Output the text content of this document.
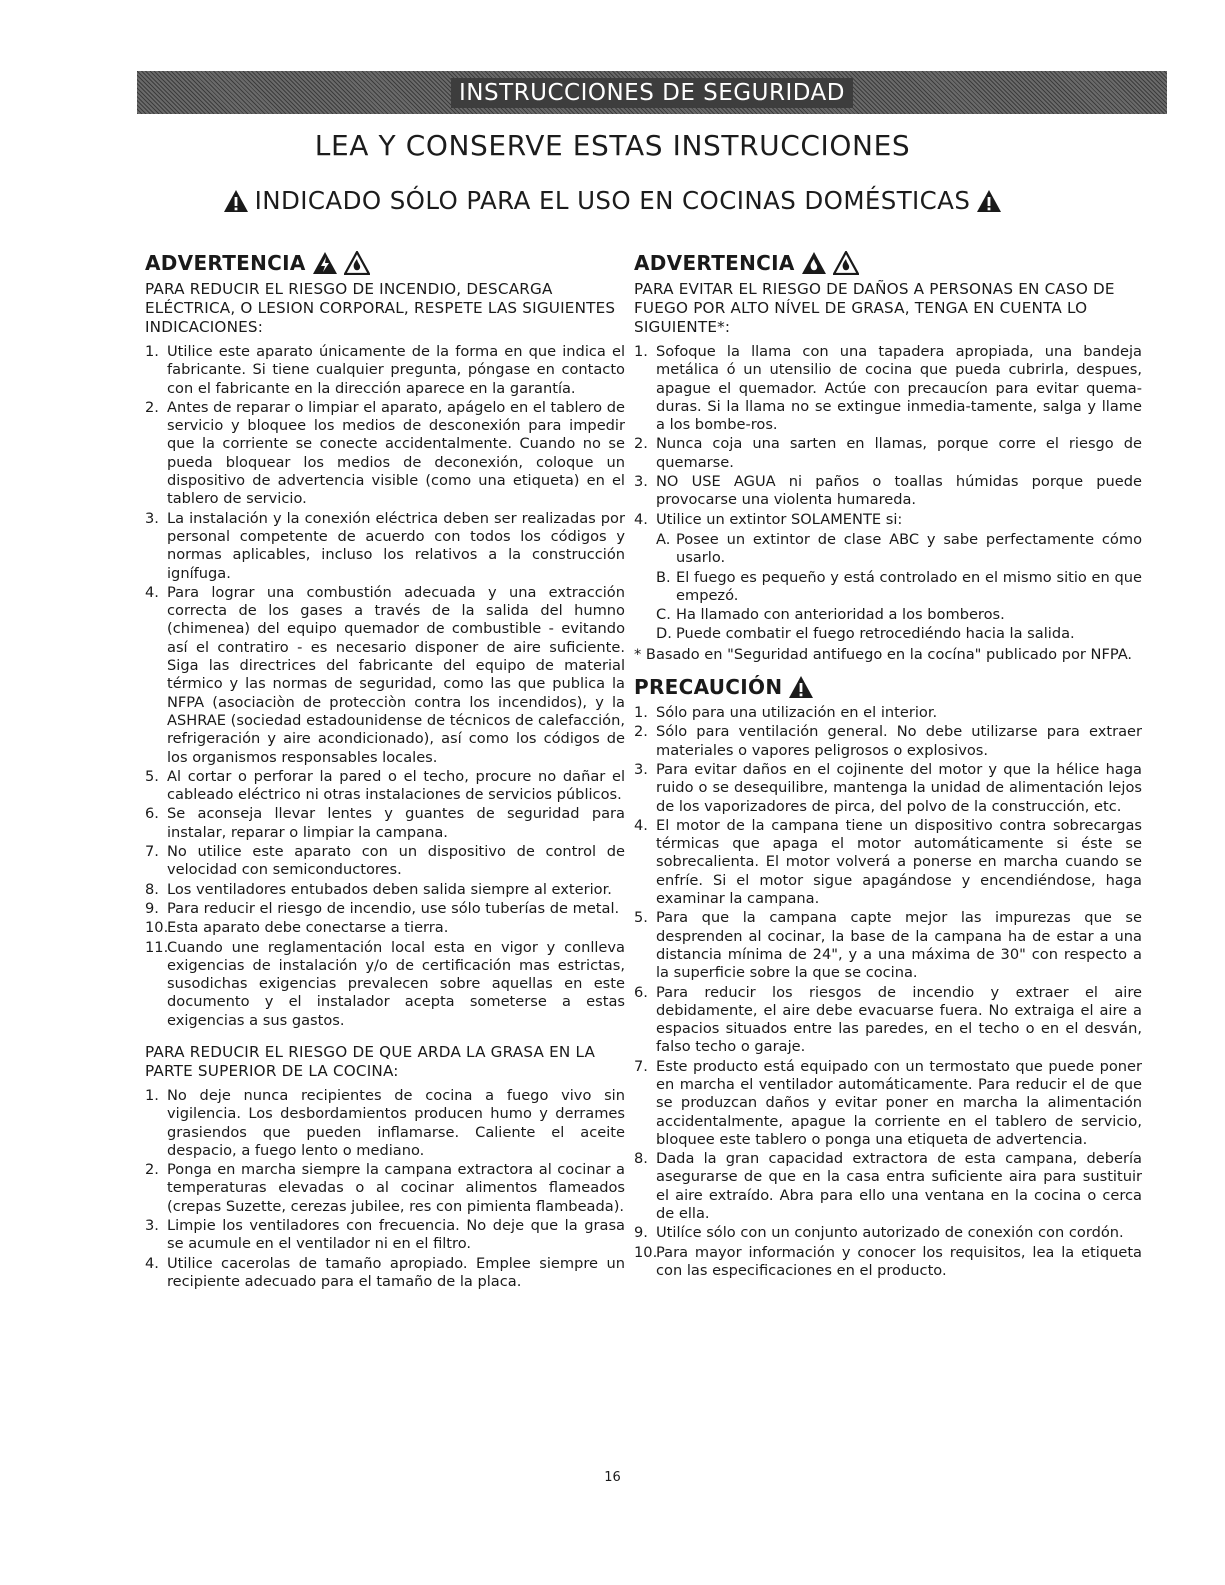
INSTRUCCIONES DE SEGURIDAD
LEA Y CONSERVE ESTAS INSTRUCCIONES
INDICADO SÓLO PARA EL USO EN COCINAS DOMÉSTICAS
ADVERTENCIA

PARA REDUCIR EL RIESGO DE INCENDIO, DESCARGA ELÉCTRICA, O LESION CORPORAL, RESPETE LAS SIGUIENTES INDICACIONES:

1. Utilice este aparato únicamente de la forma en que indica el fabricante. Si tiene cualquier pregunta, póngase en contacto con el fabricante en la dirección aparece en la garantía.
2. Antes de reparar o limpiar el aparato, apágelo en el tablero de servicio y bloquee los medios de desconexión para impedir que la corriente se conecte accidentalmente. Cuando no se pueda bloquear los medios de deconexión, coloque un dispositivo de advertencia visible (como una etiqueta) en el tablero de servicio.
3. La instalación y la conexión eléctrica deben ser realizadas por personal competente de acuerdo con todos los códigos y normas aplicables, incluso los relativos a la construcción ignífuga.
4. Para lograr una combustión adecuada y una extracción correcta de los gases a través de la salida del humno (chimenea) del equipo quemador de combustible - evitando así el contratiro - es necesario disponer de aire suficiente. Siga las directrices del fabricante del equipo de material térmico y las normas de seguridad, como las que publica la NFPA (asociaciòn de protecciòn contra los incendidos), y la ASHRAE (sociedad estadounidense de técnicos de calefacción, refrigeración y aire acondicionado), así como los códigos de los organismos responsables locales.
5. Al cortar o perforar la pared o el techo, procure no dañar el cableado eléctrico ni otras instalaciones de servicios públicos.
6. Se aconseja llevar lentes y guantes de seguridad para instalar, reparar o limpiar la campana.
7. No utilice este aparato con un dispositivo de control de velocidad con semiconductores.
8. Los ventiladores entubados deben salida siempre al exterior.
9. Para reducir el riesgo de incendio, use sólo tuberías de metal.
10.
Esta aparato debe conectarse a tierra.
11.
Cuando une reglamentación local esta en vigor y conlleva exigencias de instalación y/o de certificación mas estrictas, susodichas exigencias prevalecen sobre aquellas en este documento y el instalador acepta someterse a estas exigencias a sus gastos.

PARA REDUCIR EL RIESGO DE QUE ARDA LA GRASA EN LA PARTE SUPERIOR DE LA COCINA:

1. No deje nunca recipientes de cocina a fuego vivo sin vigilencia. Los desbordamientos producen humo y derrames grasiendos que pueden inflamarse. Caliente el aceite despacio, a fuego lento o mediano.
2. Ponga en marcha siempre la campana extractora al cocinar a temperaturas elevadas o al cocinar alimentos flameados (crepas Suzette, cerezas jubilee, res con pimienta flambeada).
3. Limpie los ventiladores con frecuencia. No deje que la grasa se acumule en el ventilador ni en el filtro.
4. Utilice cacerolas de tamaño apropiado. Emplee siempre un recipiente adecuado para el tamaño de la placa.
ADVERTENCIA

PARA EVITAR EL RIESGO DE DAÑOS A PERSONAS EN CASO DE FUEGO POR ALTO NÍVEL DE GRASA, TENGA EN CUENTA LO SIGUIENTE*:

1. Sofoque la llama con una tapadera apropiada, una bandeja metálica ó un utensilio de cocina que pueda cubrirla, despues, apague el quemador. Actúe con precaucíon para evitar quema-duras. Si la llama no se extingue inmedia-tamente, salga y llame a los bombe-ros.
2. Nunca coja una sarten en llamas, porque corre el riesgo de quemarse.
3. NO USE AGUA ni paños o toallas húmidas porque puede provocarse una violenta humareda.
4. Utilice un extintor SOLAMENTE si:
A. Posee un extintor de clase ABC y sabe perfectamente cómo usarlo.
B. El fuego es pequeño y está controlado en el mismo sitio en que empezó.
C. Ha llamado con anterioridad a los bomberos.
D. Puede combatir el fuego retrocediéndo hacia la salida.

* Basado en "Seguridad antifuego en la cocína" publicado por NFPA.

PRECAUCIÓN
1. Sólo para una utilización en el interior.
2. Sólo para ventilación general. No debe utilizarse para extraer materiales o vapores peligrosos o explosivos.
3. Para evitar daños en el cojinente del motor y que la hélice haga ruido o se desequilibre, mantenga la unidad de alimentación lejos de los vaporizadores de pirca, del polvo de la construcción, etc.
4. El motor de la campana tiene un dispositivo contra sobrecargas térmicas que apaga el motor automáticamente si éste se sobrecalienta. El motor volverá a ponerse en marcha cuando se enfríe. Si el motor sigue apagándose y encendiéndose, haga examinar la campana.
5. Para que la campana capte mejor las impurezas que se desprenden al cocinar, la base de la campana ha de estar a una distancia mínima de 24", y a una máxima de 30" con respecto a la superficie sobre la que se cocina.
6. Para reducir los riesgos de incendio y extraer el aire debidamente, el aire debe evacuarse fuera. No extraiga el aire a espacios situados entre las paredes, en el techo o en el desván, falso techo o garaje.
7. Este producto está equipado con un termostato que puede poner en marcha el ventilador automáticamente. Para reducir el de que se produzcan daños y evitar poner en marcha la alimentación accidentalmente, apague la corriente en el tablero de servicio, bloquee este tablero o ponga una etiqueta de advertencia.
8. Dada la gran capacidad extractora de esta campana, debería asegurarse de que en la casa entra suficiente aira para sustituir el aire extraído. Abra para ello una ventana en la cocina o cerca de ella.
9. Utilíce sólo con un conjunto autorizado de conexión con cordón.
10.
Para mayor información y conocer los requisitos, lea la etiqueta con las especificaciones en el producto.
16
